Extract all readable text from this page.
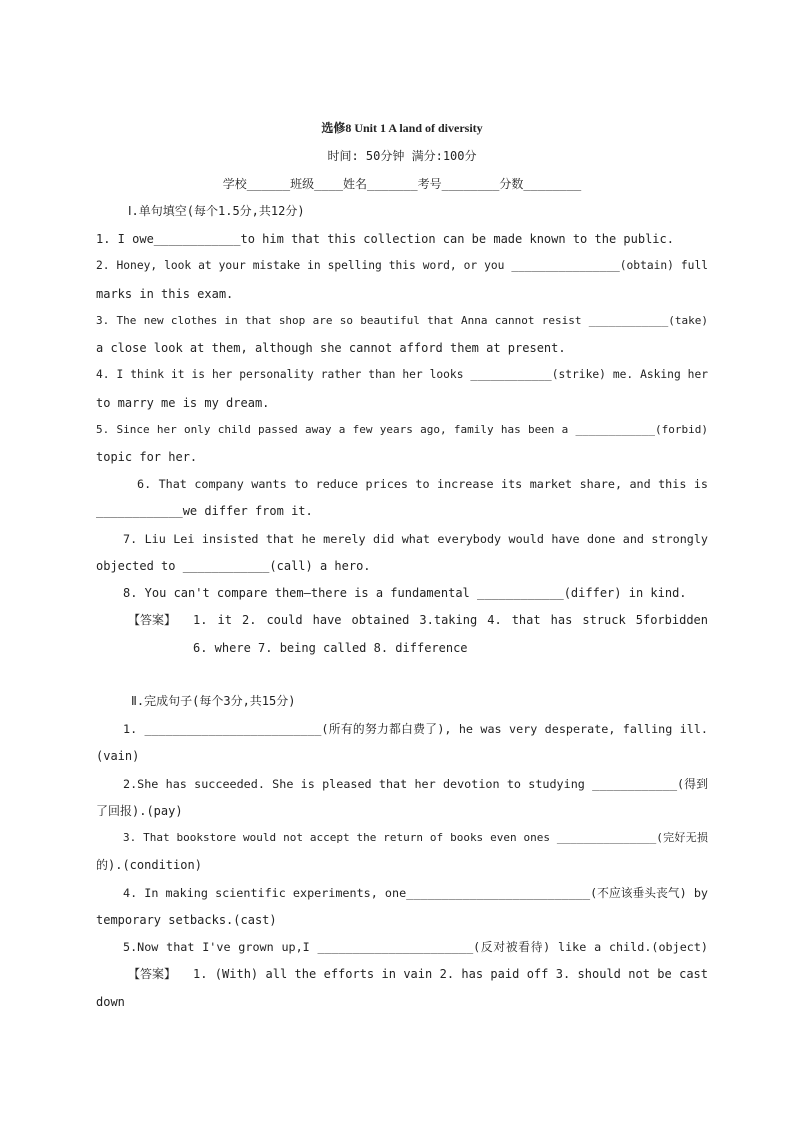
选修8 Unit 1 A land of diversity
时间: 50分钟 满分:100分
学校______班级____姓名_______考号________分数________
Ⅰ.单句填空(每个1.5分,共12分)
1. I owe____________to him that this collection can be made known to the public.
2. Honey, look at your mistake in spelling this word, or you ________________(obtain) full
marks in this exam.
3. The new clothes in that shop are so beautiful that Anna cannot resist ____________(take)
a close look at them, although she cannot afford them at present.
4. I think it is her personality rather than her looks ____________(strike) me. Asking her
to marry me is my dream.
5. Since her only child passed away a few years ago, family has been a ____________(forbid)
topic for her.
6. That company wants to reduce prices to increase its market share, and this is
____________we differ from it.
7. Liu Lei insisted that he merely did what everybody would have done and strongly
objected to ____________(call) a hero.
8. You can't compare them—there is a fundamental ____________(differ) in kind.
【答案】	1. it 2. could have obtained 3.taking 4. that has struck 5forbidden
6. where 7. being called 8. difference
Ⅱ.完成句子(每个3分,共15分)
1. _________________________(所有的努力都白费了), he was very desperate, falling ill.
(vain)
2.She has succeeded. She is pleased that her devotion to studying ____________(得到
了回报).(pay)
3. That bookstore would not accept the return of books even ones _______________(完好无损
的).(condition)
4. In making scientific experiments, one__________________________(不应该垂头丧气) by
temporary setbacks.(cast)
5.Now that I've grown up,I ______________________(反对被看待) like a child.(object)
【答案】	1. (With) all the efforts in vain 2. has paid off 3. should not be cast
down
